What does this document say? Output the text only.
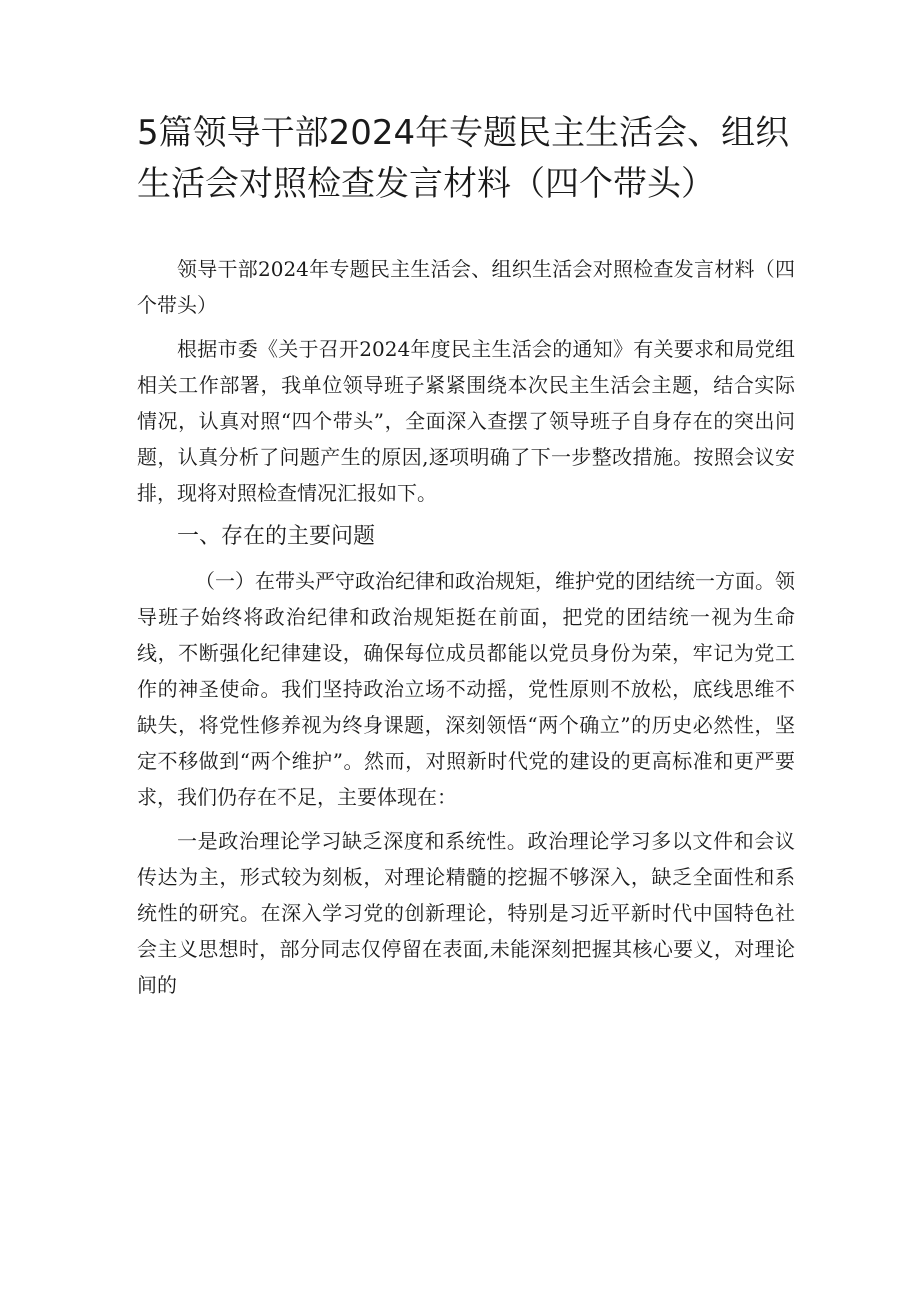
5篇领导干部2024年专题民主生活会、组织生活会对照检查发言材料（四个带头）

领导干部2024年专题民主生活会、组织生活会对照检查发言材料（四个带头）

根据市委《关于召开2024年度民主生活会的通知》有关要求和局党组相关工作部署，我单位领导班子紧紧围绕本次民主生活会主题，结合实际情况，认真对照“四个带头”，全面深入查摆了领导班子自身存在的突出问题，认真分析了问题产生的原因,逐项明确了下一步整改措施。按照会议安排，现将对照检查情况汇报如下。

一、存在的主要问题

（一）在带头严守政治纪律和政治规矩，维护党的团结统一方面。领导班子始终将政治纪律和政治规矩挺在前面，把党的团结统一视为生命线，不断强化纪律建设，确保每位成员都能以党员身份为荣，牢记为党工作的神圣使命。我们坚持政治立场不动摇，党性原则不放松，底线思维不缺失，将党性修养视为终身课题，深刻领悟“两个确立”的历史必然性，坚定不移做到“两个维护”。然而，对照新时代党的建设的更高标准和更严要求，我们仍存在不足，主要体现在：

一是政治理论学习缺乏深度和系统性。政治理论学习多以文件和会议传达为主，形式较为刻板，对理论精髓的挖掘不够深入，缺乏全面性和系统性的研究。在深入学习党的创新理论，特别是习近平新时代中国特色社会主义思想时，部分同志仅停留在表面,未能深刻把握其核心要义，对理论间的
